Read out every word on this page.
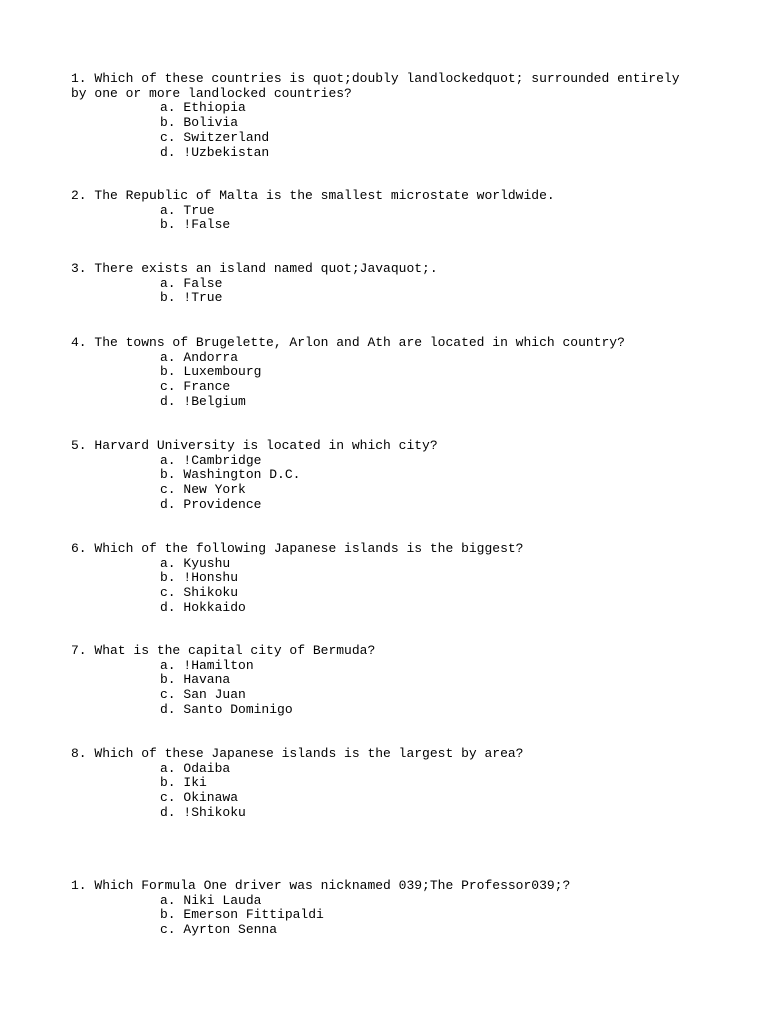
1. Which of these countries is quot;doubly landlockedquot; surrounded entirely by one or more landlocked countries?
a. Ethiopia
b. Bolivia
c. Switzerland
d. !Uzbekistan
2. The Republic of Malta is the smallest microstate worldwide.
a. True
b. !False
3. There exists an island named quot;Javaquot;.
a. False
b. !True
4. The towns of Brugelette, Arlon and Ath are located in which country?
a. Andorra
b. Luxembourg
c. France
d. !Belgium
5. Harvard University is located in which city?
a. !Cambridge
b. Washington D.C.
c. New York
d. Providence
6. Which of the following Japanese islands is the biggest?
a. Kyushu
b. !Honshu
c. Shikoku
d. Hokkaido
7. What is the capital city of Bermuda?
a. !Hamilton
b. Havana
c. San Juan
d. Santo Dominigo
8. Which of these Japanese islands is the largest by area?
a. Odaiba
b. Iki
c. Okinawa
d. !Shikoku
1. Which Formula One driver was nicknamed 039;The Professor039;?
a. Niki Lauda
b. Emerson Fittipaldi
c. Ayrton Senna
